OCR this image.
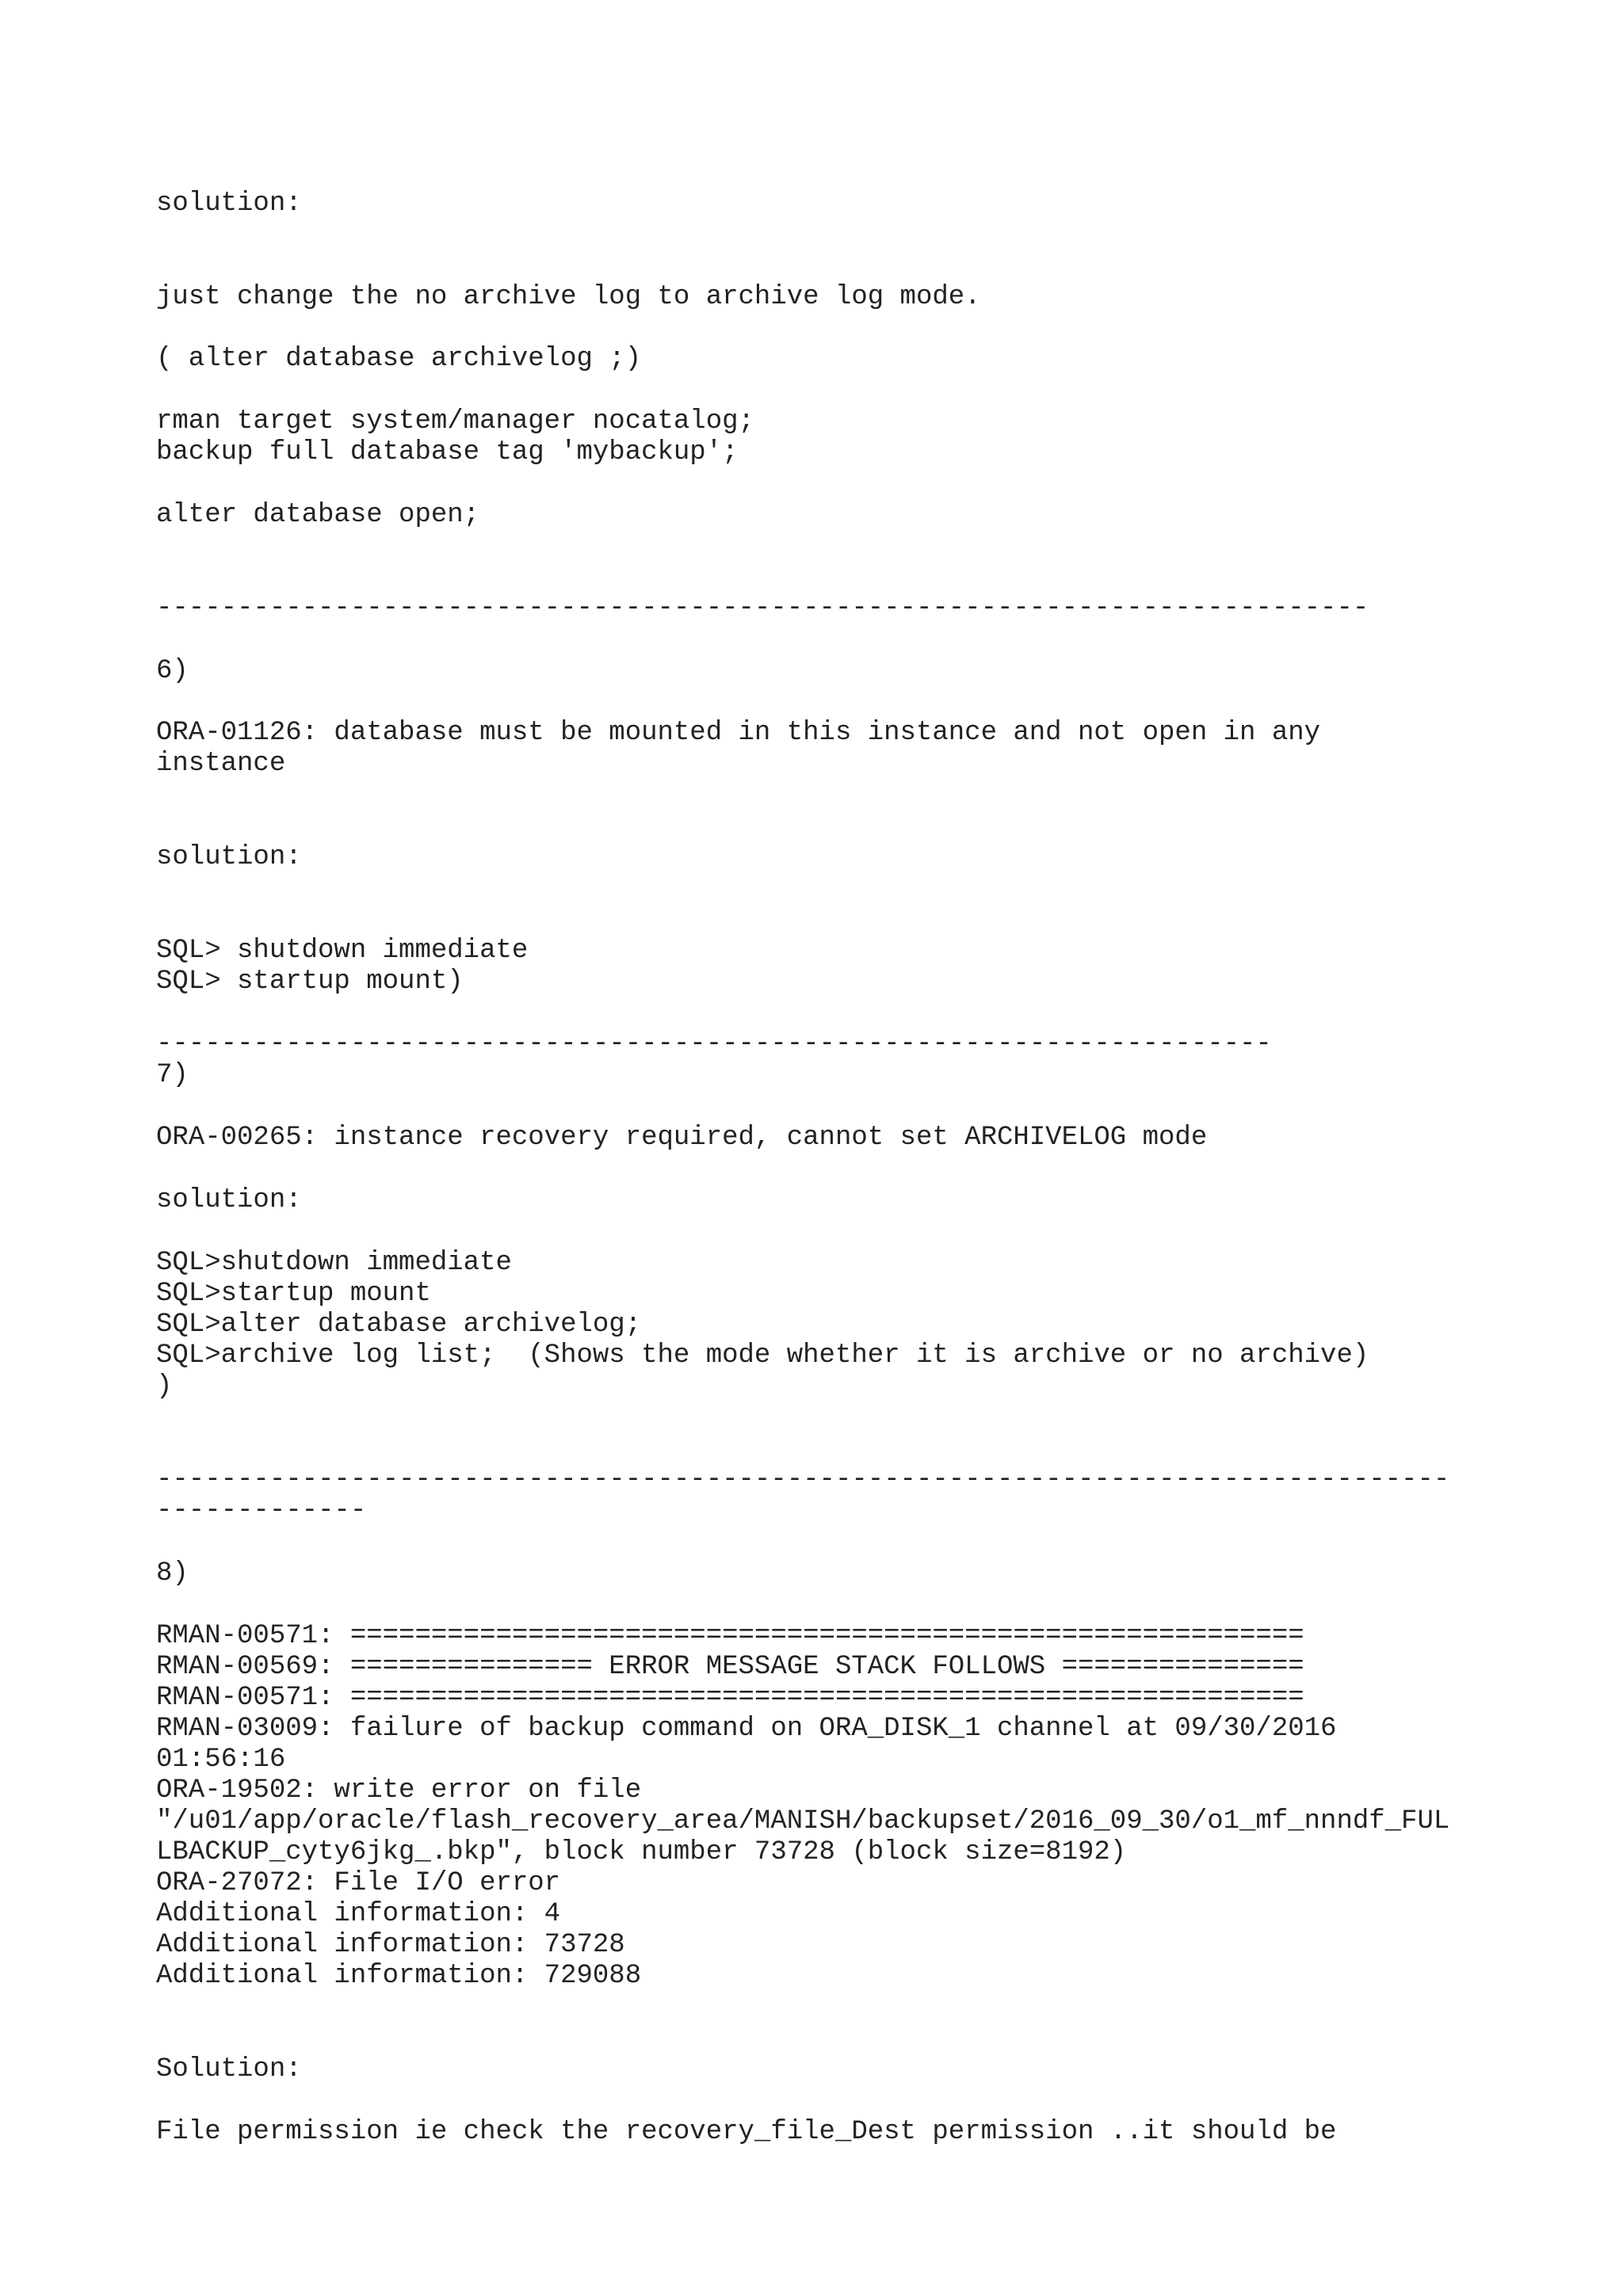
solution:

just change the no archive log to archive log mode.

( alter database archivelog ;)

rman target system/manager nocatalog;

backup full database tag 'mybackup';

alter database open;

---------------------------------------------------------------------------

6)

ORA-01126: database must be mounted in this instance and not open in any

instance

solution:

SQL> shutdown immediate

SQL> startup mount)

---------------------------------------------------------------------

7)

ORA-00265: instance recovery required, cannot set ARCHIVELOG mode

solution:

SQL>shutdown immediate

SQL>startup mount

SQL>alter database archivelog;

SQL>archive log list;  (Shows the mode whether it is archive or no archive)

)

--------------------------------------------------------------------------------

-------------

8)

RMAN-00571: ===========================================================

RMAN-00569: =============== ERROR MESSAGE STACK FOLLOWS ===============

RMAN-00571: ===========================================================

RMAN-03009: failure of backup command on ORA_DISK_1 channel at 09/30/2016

01:56:16

ORA-19502: write error on file

"/u01/app/oracle/flash_recovery_area/MANISH/backupset/2016_09_30/o1_mf_nnndf_FUL

LBACKUP_cyty6jkg_.bkp", block number 73728 (block size=8192)

ORA-27072: File I/O error

Additional information: 4

Additional information: 73728

Additional information: 729088

Solution:

File permission ie check the recovery_file_Dest permission ..it should be
